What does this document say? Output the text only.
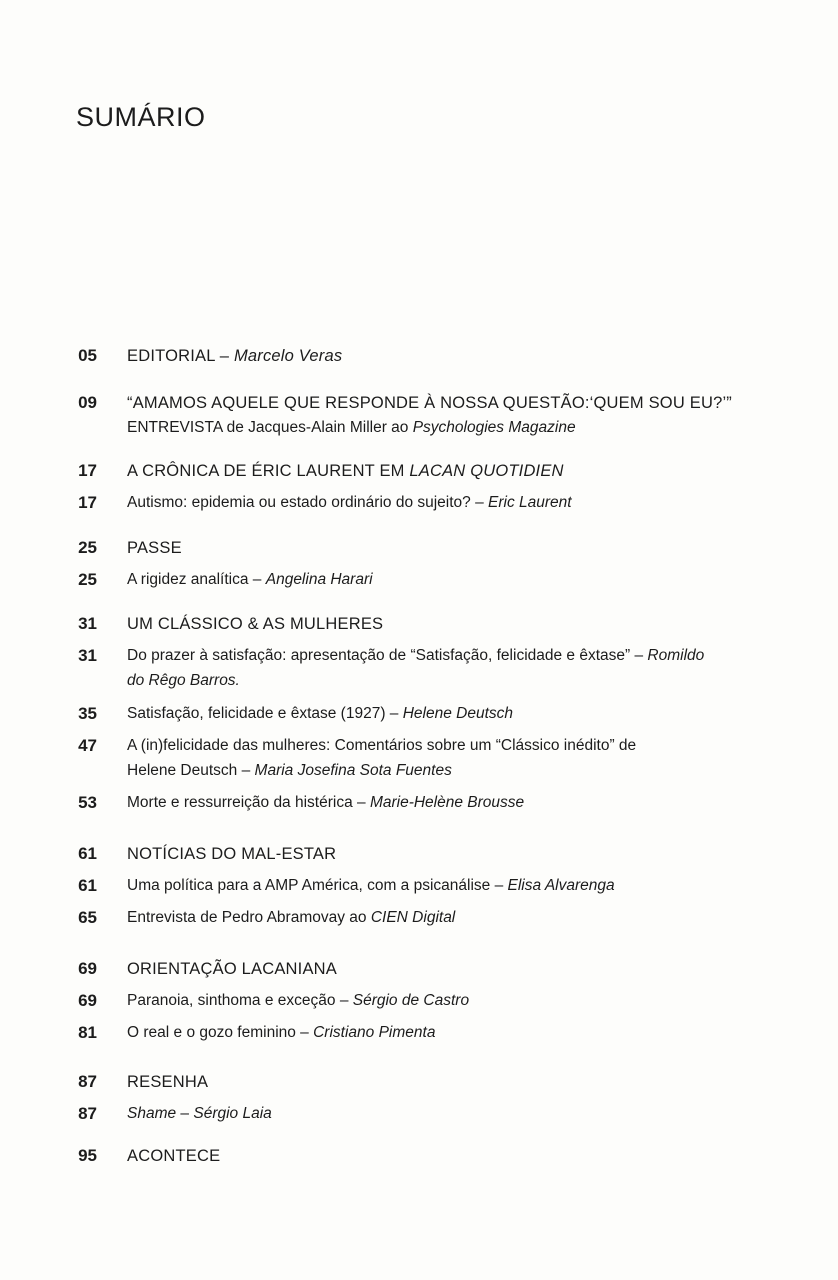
SUMÁRIO
05 EDITORIAL – Marcelo Veras
09 “AMAMOS AQUELE QUE RESPONDE À NOSSA QUESTÃO:‘QUEM SOU EU?’”
ENTREVISTA de Jacques-Alain Miller ao Psychologies Magazine
17 A CRÔNICA DE ÉRIC LAURENT EM LACAN QUOTIDIEN
17 Autismo: epidemia ou estado ordinário do sujeito? – Eric Laurent
25 PASSE
25 A rigidez analítica – Angelina Harari
31 UM CLÁSSICO & AS MULHERES
31 Do prazer à satisfação: apresentação de “Satisfação, felicidade e êxtase” – Romildo
do Rêgo Barros.
35 Satisfação, felicidade e êxtase (1927) – Helene Deutsch
47 A (in)felicidade das mulheres: Comentários sobre um “Clássico inédito” de
Helene Deutsch – Maria Josefina Sota Fuentes
53 Morte e ressurreição da histérica – Marie-Helène Brousse
61 NOTÍCIAS DO MAL-ESTAR
61 Uma política para a AMP América, com a psicanálise – Elisa Alvarenga
65 Entrevista de Pedro Abramovay ao CIEN Digital
69 ORIENTAÇÃO LACANIANA
69 Paranoia, sinthoma e exceção – Sérgio de Castro
81 O real e o gozo feminino – Cristiano Pimenta
87 RESENHA
87 Shame – Sérgio Laia
95 ACONTECE
